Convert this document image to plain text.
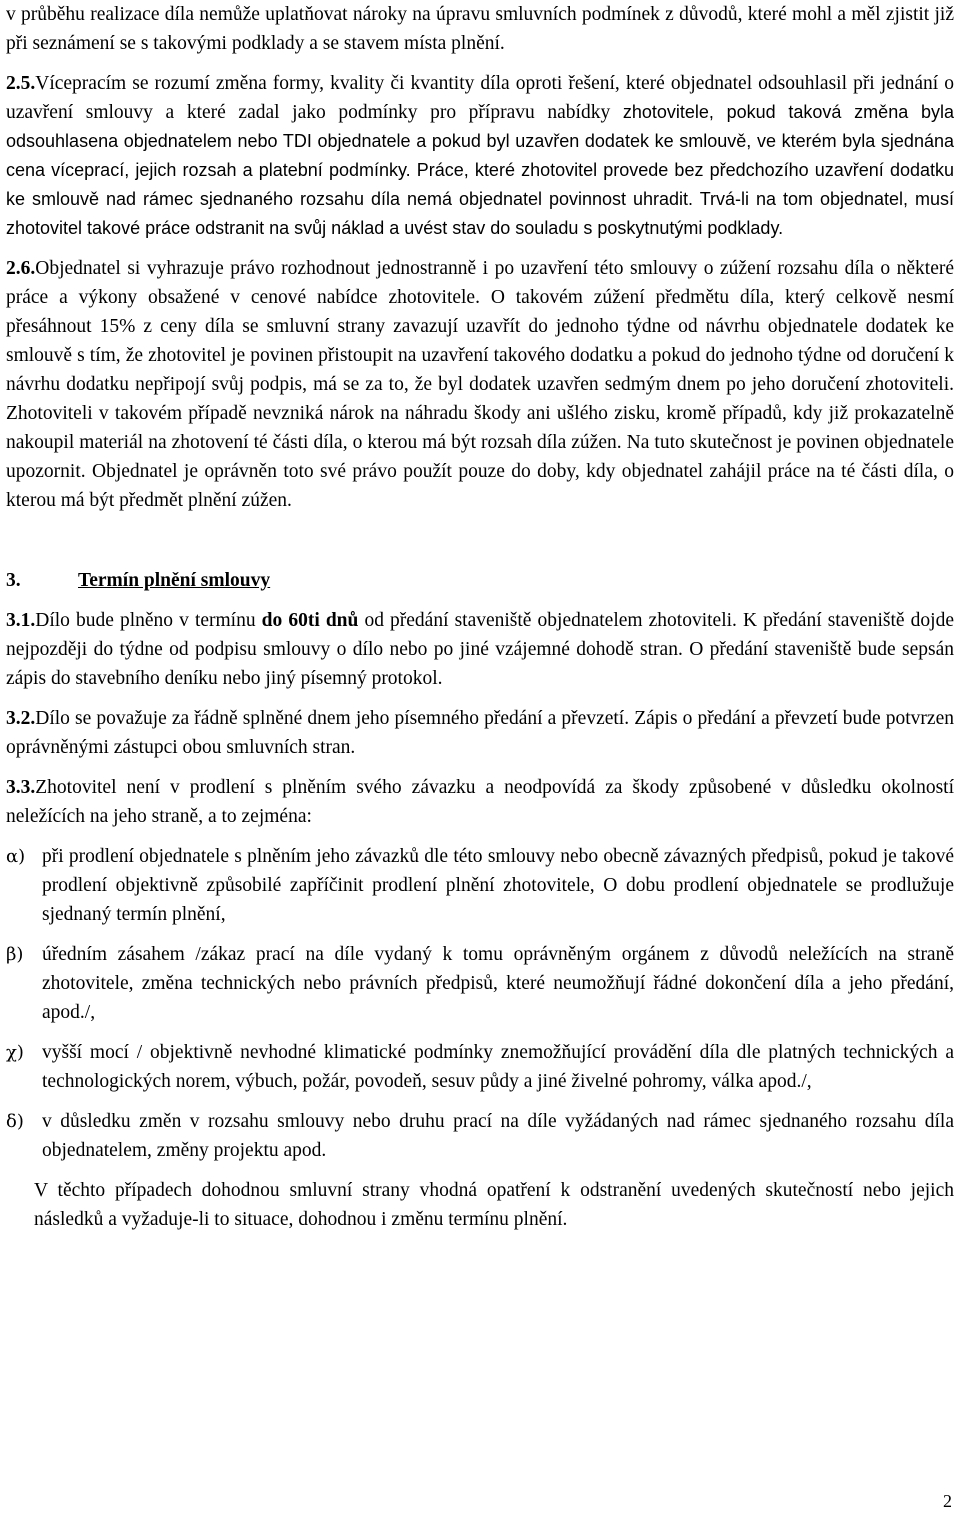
v průběhu realizace díla nemůže uplatňovat nároky na úpravu smluvních podmínek z důvodů, které mohl a měl zjistit již při seznámení se s takovými podklady a se stavem místa plnění.

2.5.Vícepracím se rozumí změna formy, kvality či kvantity díla oproti řešení, které objednatel odsouhlasil při jednání o uzavření smlouvy a které zadal jako podmínky pro přípravu nabídky zhotovitele, pokud taková změna byla odsouhlasena objednatelem nebo TDI objednatele a pokud byl uzavřen dodatek ke smlouvě, ve kterém byla sjednána cena víceprací, jejich rozsah a platební podmínky. Práce, které zhotovitel provede bez předchozího uzavření dodatku ke smlouvě nad rámec sjednaného rozsahu díla nemá objednatel povinnost uhradit. Trvá-li na tom objednatel, musí zhotovitel takové práce odstranit na svůj náklad a uvést stav do souladu s poskytnutými podklady.

2.6.Objednatel si vyhrazuje právo rozhodnout jednostranně i po uzavření této smlouvy o zúžení rozsahu díla o některé práce a výkony obsažené v cenové nabídce zhotovitele. O takovém zúžení předmětu díla, který celkově nesmí přesáhnout 15% z ceny díla se smluvní strany zavazují uzavřít do jednoho týdne od návrhu objednatele dodatek ke smlouvě s tím, že zhotovitel je povinen přistoupit na uzavření takového dodatku a pokud do jednoho týdne od doručení k návrhu dodatku nepřipojí svůj podpis, má se za to, že byl dodatek uzavřen sedmým dnem po jeho doručení zhotoviteli. Zhotoviteli v takovém případě nevzniká nárok na náhradu škody ani ušlého zisku, kromě případů, kdy již prokazatelně nakoupil materiál na zhotovení té části díla, o kterou má být rozsah díla zúžen. Na tuto skutečnost je povinen objednatele upozornit. Objednatel je oprávněn toto své právo použít pouze do doby, kdy objednatel zahájil práce na té části díla, o kterou má být předmět plnění zúžen.

3.	Termín plnění smlouvy

3.1.Dílo bude plněno v termínu do 60ti dnů od předání staveniště objednatelem zhotoviteli. K předání staveniště dojde nejpozději do týdne od podpisu smlouvy o dílo nebo po jiné vzájemné dohodě stran. O předání staveniště bude sepsán zápis do stavebního deníku nebo jiný písemný protokol.

3.2.Dílo se považuje za řádně splněné dnem jeho písemného předání a převzetí. Zápis o předání a převzetí bude potvrzen oprávněnými zástupci obou smluvních stran.

3.3.Zhotovitel není v prodlení s plněním svého závazku a neodpovídá za škody způsobené v důsledku okolností neležících na jeho straně, a to zejména:

α) při prodlení objednatele s plněním jeho závazků dle této smlouvy nebo obecně závazných předpisů, pokud je takové prodlení objektivně způsobilé zapříčinit prodlení plnění zhotovitele, O dobu prodlení objednatele se prodlužuje sjednaný termín plnění,
β) úředním zásahem /zákaz prací na díle vydaný k tomu oprávněným orgánem z důvodů neležících na straně zhotovitele, změna technických nebo právních předpisů, které neumožňují řádné dokončení díla a jeho předání, apod./,
χ) vyšší mocí / objektivně nevhodné klimatické podmínky znemožňující provádění díla dle platných technických a technologických norem, výbuch, požár, povodeň, sesuv půdy a jiné živelné pohromy, válka apod./,
δ) v důsledku změn v rozsahu smlouvy nebo druhu prací na díle vyžádaných nad rámec sjednaného rozsahu díla objednatelem, změny projektu apod.

V těchto případech dohodnou smluvní strany vhodná opatření k odstranění uvedených skutečností nebo jejich následků a vyžaduje-li to situace, dohodnou i změnu termínu plnění.

2
